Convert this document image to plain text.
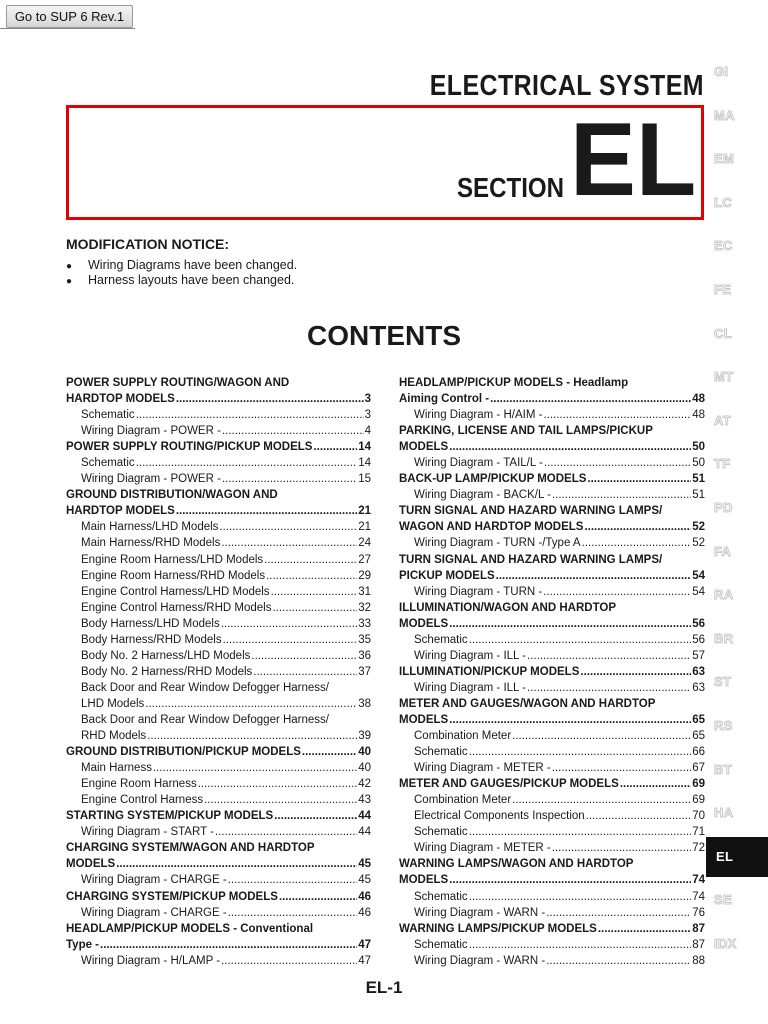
Go to SUP 6 Rev.1
ELECTRICAL SYSTEM
SECTION EL
MODIFICATION NOTICE:
● Wiring Diagrams have been changed.
● Harness layouts have been changed.
CONTENTS
POWER SUPPLY ROUTING/WAGON AND
HARDTOP MODELS .....	3
Schematic .....	3
Wiring Diagram - POWER - .....	4
POWER SUPPLY ROUTING/PICKUP MODELS .....	14
Schematic .....	14
Wiring Diagram - POWER - .....	15
GROUND DISTRIBUTION/WAGON AND
HARDTOP MODELS .....	21
Main Harness/LHD Models .....	21
Main Harness/RHD Models .....	24
Engine Room Harness/LHD Models .....	27
Engine Room Harness/RHD Models .....	29
Engine Control Harness/LHD Models .....	31
Engine Control Harness/RHD Models .....	32
Body Harness/LHD Models .....	33
Body Harness/RHD Models .....	35
Body No. 2 Harness/LHD Models .....	36
Body No. 2 Harness/RHD Models .....	37
Back Door and Rear Window Defogger Harness/
LHD Models .....	38
Back Door and Rear Window Defogger Harness/
RHD Models .....	39
GROUND DISTRIBUTION/PICKUP MODELS .....	40
Main Harness .....	40
Engine Room Harness .....	42
Engine Control Harness .....	43
STARTING SYSTEM/PICKUP MODELS .....	44
Wiring Diagram - START - .....	44
CHARGING SYSTEM/WAGON AND HARDTOP
MODELS .....	45
Wiring Diagram - CHARGE - .....	45
CHARGING SYSTEM/PICKUP MODELS .....	46
Wiring Diagram - CHARGE - .....	46
HEADLAMP/PICKUP MODELS - Conventional
Type - .....	47
Wiring Diagram - H/LAMP - .....	47
HEADLAMP/PICKUP MODELS - Headlamp
Aiming Control - .....	48
Wiring Diagram - H/AIM - .....	48
PARKING, LICENSE AND TAIL LAMPS/PICKUP
MODELS .....	50
Wiring Diagram - TAIL/L - .....	50
BACK-UP LAMP/PICKUP MODELS .....	51
Wiring Diagram - BACK/L - .....	51
TURN SIGNAL AND HAZARD WARNING LAMPS/
WAGON AND HARDTOP MODELS .....	52
Wiring Diagram - TURN -/Type A .....	52
TURN SIGNAL AND HAZARD WARNING LAMPS/
PICKUP MODELS .....	54
Wiring Diagram - TURN - .....	54
ILLUMINATION/WAGON AND HARDTOP
MODELS .....	56
Schematic .....	56
Wiring Diagram - ILL - .....	57
ILLUMINATION/PICKUP MODELS .....	63
Wiring Diagram - ILL - .....	63
METER AND GAUGES/WAGON AND HARDTOP
MODELS .....	65
Combination Meter .....	65
Schematic .....	66
Wiring Diagram - METER - .....	67
METER AND GAUGES/PICKUP MODELS .....	69
Combination Meter .....	69
Electrical Components Inspection .....	70
Schematic .....	71
Wiring Diagram - METER - .....	72
WARNING LAMPS/WAGON AND HARDTOP
MODELS .....	74
Schematic .....	74
Wiring Diagram - WARN - .....	76
WARNING LAMPS/PICKUP MODELS .....	87
Schematic .....	87
Wiring Diagram - WARN - .....	88
GI
MA
EM
LC
EC
FE
CL
MT
AT
TF
PD
FA
RA
BR
ST
RS
BT
HA
EL
SE
IDX
EL-1
